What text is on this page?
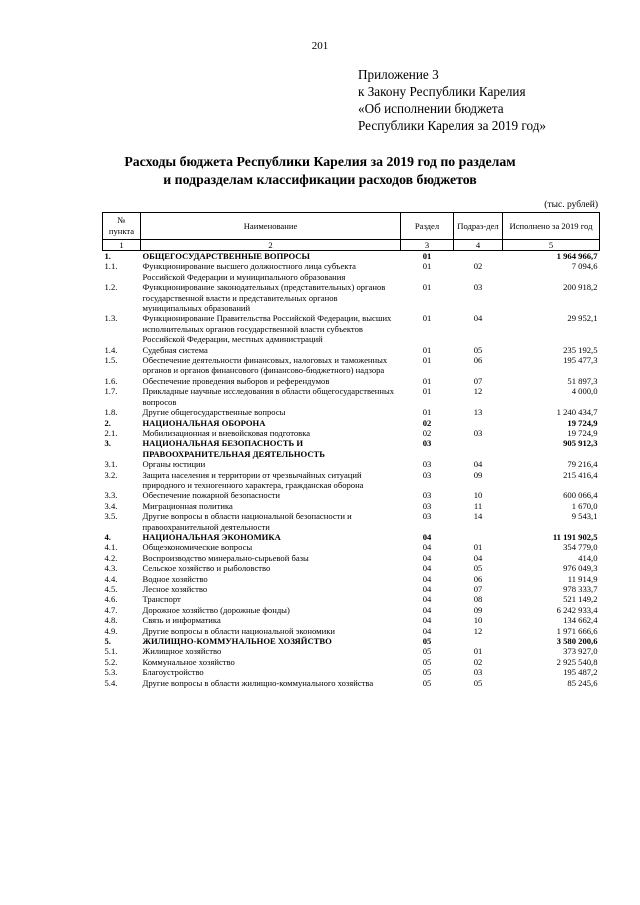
201
Приложение 3
к Закону Республики Карелия
«Об исполнении бюджета
Республики Карелия за 2019 год»
Расходы бюджета Республики Карелия за 2019 год по разделам
и подразделам классификации расходов бюджетов
(тыс. рублей)
№ пункта	Наименование	Раздел	Подраз-дел	Исполнено за 2019 год
1	2	3	4	5
1.	ОБЩЕГОСУДАРСТВЕННЫЕ ВОПРОСЫ	01		1 964 966,7
1.1.	Функционирование высшего должностного лица субъекта Российской Федерации и муниципального образования	01	02	7 094,6
1.2.	Функционирование законодательных (представительных) органов государственной власти и представительных органов муниципальных образований	01	03	200 918,2
1.3.	Функционирование Правительства Российской Федерации, высших исполнительных органов государственной власти субъектов Российской Федерации, местных администраций	01	04	29 952,1
1.4.	Судебная система	01	05	235 192,5
1.5.	Обеспечение деятельности финансовых, налоговых и таможенных органов и органов финансового (финансово-бюджетного) надзора	01	06	195 477,3
1.6.	Обеспечение проведения выборов и референдумов	01	07	51 897,3
1.7.	Прикладные научные исследования в области общегосударственных вопросов	01	12	4 000,0
1.8.	Другие общегосударственные вопросы	01	13	1 240 434,7
2.	НАЦИОНАЛЬНАЯ ОБОРОНА	02		19 724,9
2.1.	Мобилизационная и вневойсковая подготовка	02	03	19 724,9
3.	НАЦИОНАЛЬНАЯ БЕЗОПАСНОСТЬ И ПРАВООХРАНИТЕЛЬНАЯ ДЕЯТЕЛЬНОСТЬ	03		905 912,3
3.1.	Органы юстиции	03	04	79 216,4
3.2.	Защита населения и территории от чрезвычайных ситуаций природного и техногенного характера, гражданская оборона	03	09	215 416,4
3.3.	Обеспечение пожарной безопасности	03	10	600 066,4
3.4.	Миграционная политика	03	11	1 670,0
3.5.	Другие вопросы в области национальной безопасности и правоохранительной деятельности	03	14	9 543,1
4.	НАЦИОНАЛЬНАЯ ЭКОНОМИКА	04		11 191 902,5
4.1.	Общеэкономические вопросы	04	01	354 779,0
4.2.	Воспроизводство минерально-сырьевой базы	04	04	414,0
4.3.	Сельское хозяйство и рыболовство	04	05	976 049,3
4.4.	Водное хозяйство	04	06	11 914,9
4.5.	Лесное хозяйство	04	07	978 333,7
4.6.	Транспорт	04	08	521 149,2
4.7.	Дорожное хозяйство (дорожные фонды)	04	09	6 242 933,4
4.8.	Связь и информатика	04	10	134 662,4
4.9.	Другие вопросы в области национальной экономики	04	12	1 971 666,6
5.	ЖИЛИЩНО-КОММУНАЛЬНОЕ ХОЗЯЙСТВО	05		3 580 200,6
5.1.	Жилищное хозяйство	05	01	373 927,0
5.2.	Коммунальное хозяйство	05	02	2 925 540,8
5.3.	Благоустройство	05	03	195 487,2
5.4.	Другие вопросы в области жилищно-коммунального хозяйства	05	05	85 245,6
